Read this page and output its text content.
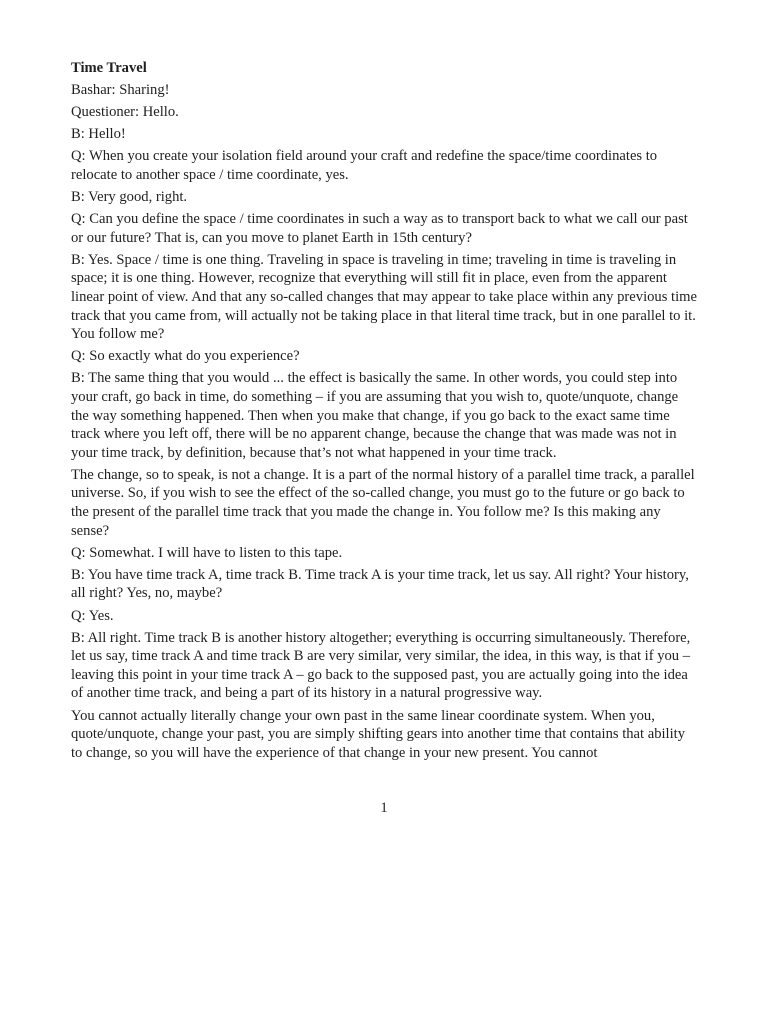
Time Travel
Bashar: Sharing!
Questioner: Hello.
B: Hello!
Q: When you create your isolation field around your craft and redefine the space/time coordinates to relocate to another space / time coordinate, yes.
B: Very good, right.
Q: Can you define the space / time coordinates in such a way as to transport back to what we call our past or our future? That is, can you move to planet Earth in 15th century?
B: Yes. Space / time is one thing. Traveling in space is traveling in time; traveling in time is traveling in space; it is one thing. However, recognize that everything will still fit in place, even from the apparent linear point of view. And that any so-called changes that may appear to take place within any previous time track that you came from, will actually not be taking place in that literal time track, but in one parallel to it. You follow me?
Q: So exactly what do you experience?
B: The same thing that you would ... the effect is basically the same. In other words, you could step into your craft, go back in time, do something – if you are assuming that you wish to, quote/unquote, change the way something happened. Then when you make that change, if you go back to the exact same time track where you left off, there will be no apparent change, because the change that was made was not in your time track, by definition, because that’s not what happened in your time track.
The change, so to speak, is not a change. It is a part of the normal history of a parallel time track, a parallel universe. So, if you wish to see the effect of the so-called change, you must go to the future or go back to the present of the parallel time track that you made the change in. You follow me? Is this making any sense?
Q: Somewhat. I will have to listen to this tape.
B: You have time track A, time track B. Time track A is your time track, let us say. All right? Your history, all right? Yes, no, maybe?
Q: Yes.
B: All right. Time track B is another history altogether; everything is occurring simultaneously. Therefore, let us say, time track A and time track B are very similar, very similar, the idea, in this way, is that if you – leaving this point in your time track A – go back to the supposed past, you are actually going into the idea of another time track, and being a part of its history in a natural progressive way.
You cannot actually literally change your own past in the same linear coordinate system. When you, quote/unquote, change your past, you are simply shifting gears into another time that contains that ability to change, so you will have the experience of that change in your new present. You cannot
1
